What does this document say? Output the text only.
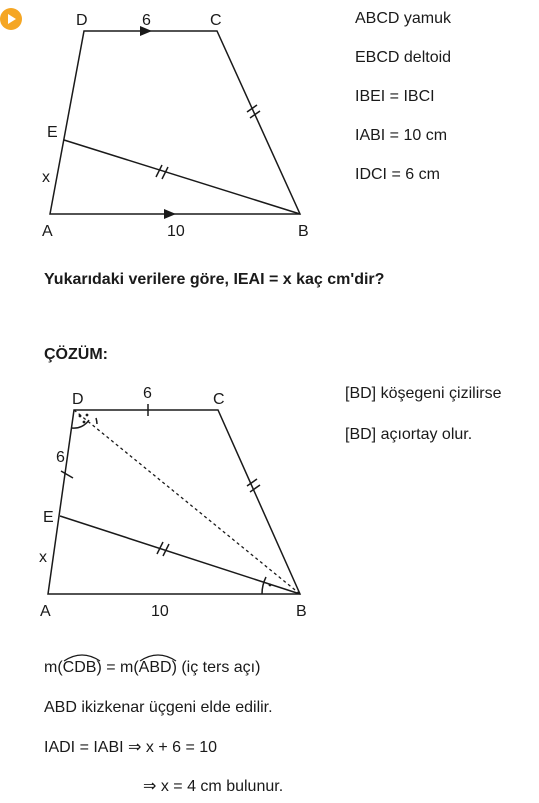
D	C
6
E
x
A	10	B
ABCD yamuk
EBCD deltoid
IBEI = IBCI
IABI = 10 cm
IDCI = 6 cm
Yukarıdaki verilere göre, IEAI = x kaç cm'dir?
ÇÖZÜM:
D	C
6
6
E
x
A	10	B
[BD] köşegeni çizilirse
[BD] açıortay olur.
m(
CDB) = m(
ABD) (iç ters açı)
ABD ikizkenar üçgeni elde edilir.
IADI = IABI ⇒ x + 6 = 10
⇒ x = 4 cm bulunur.
